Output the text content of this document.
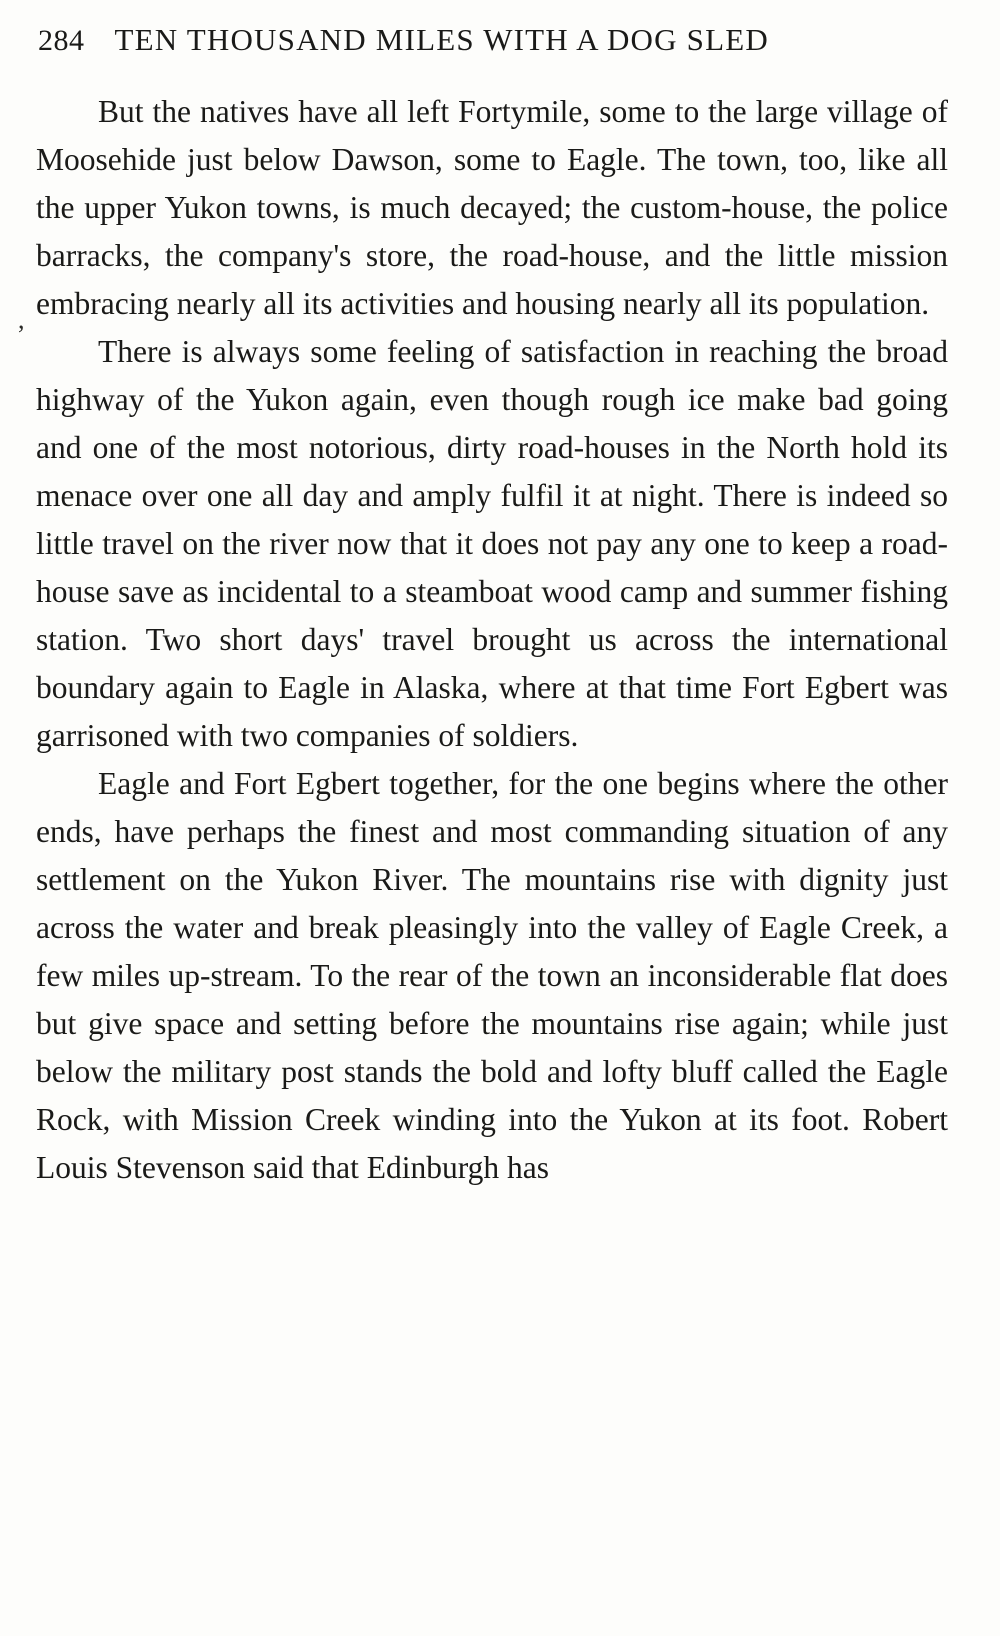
284 TEN THOUSAND MILES WITH A DOG SLED
,

But the natives have all left Fortymile, some to the large village of Moosehide just below Dawson, some to Eagle. The town, too, like all the upper Yukon towns, is much decayed; the custom-house, the police barracks, the company's store, the road-house, and the little mission embracing nearly all its activities and housing nearly all its population.

There is always some feeling of satisfaction in reaching the broad highway of the Yukon again, even though rough ice make bad going and one of the most notorious, dirty road-houses in the North hold its menace over one all day and amply fulfil it at night. There is indeed so little travel on the river now that it does not pay any one to keep a road-house save as incidental to a steamboat wood camp and summer fishing station. Two short days' travel brought us across the international boundary again to Eagle in Alaska, where at that time Fort Egbert was garrisoned with two companies of soldiers.

Eagle and Fort Egbert together, for the one begins where the other ends, have perhaps the finest and most commanding situation of any settlement on the Yukon River. The mountains rise with dignity just across the water and break pleasingly into the valley of Eagle Creek, a few miles up-stream. To the rear of the town an inconsiderable flat does but give space and setting before the mountains rise again; while just below the military post stands the bold and lofty bluff called the Eagle Rock, with Mission Creek winding into the Yukon at its foot. Robert Louis Stevenson said that Edinburgh has
